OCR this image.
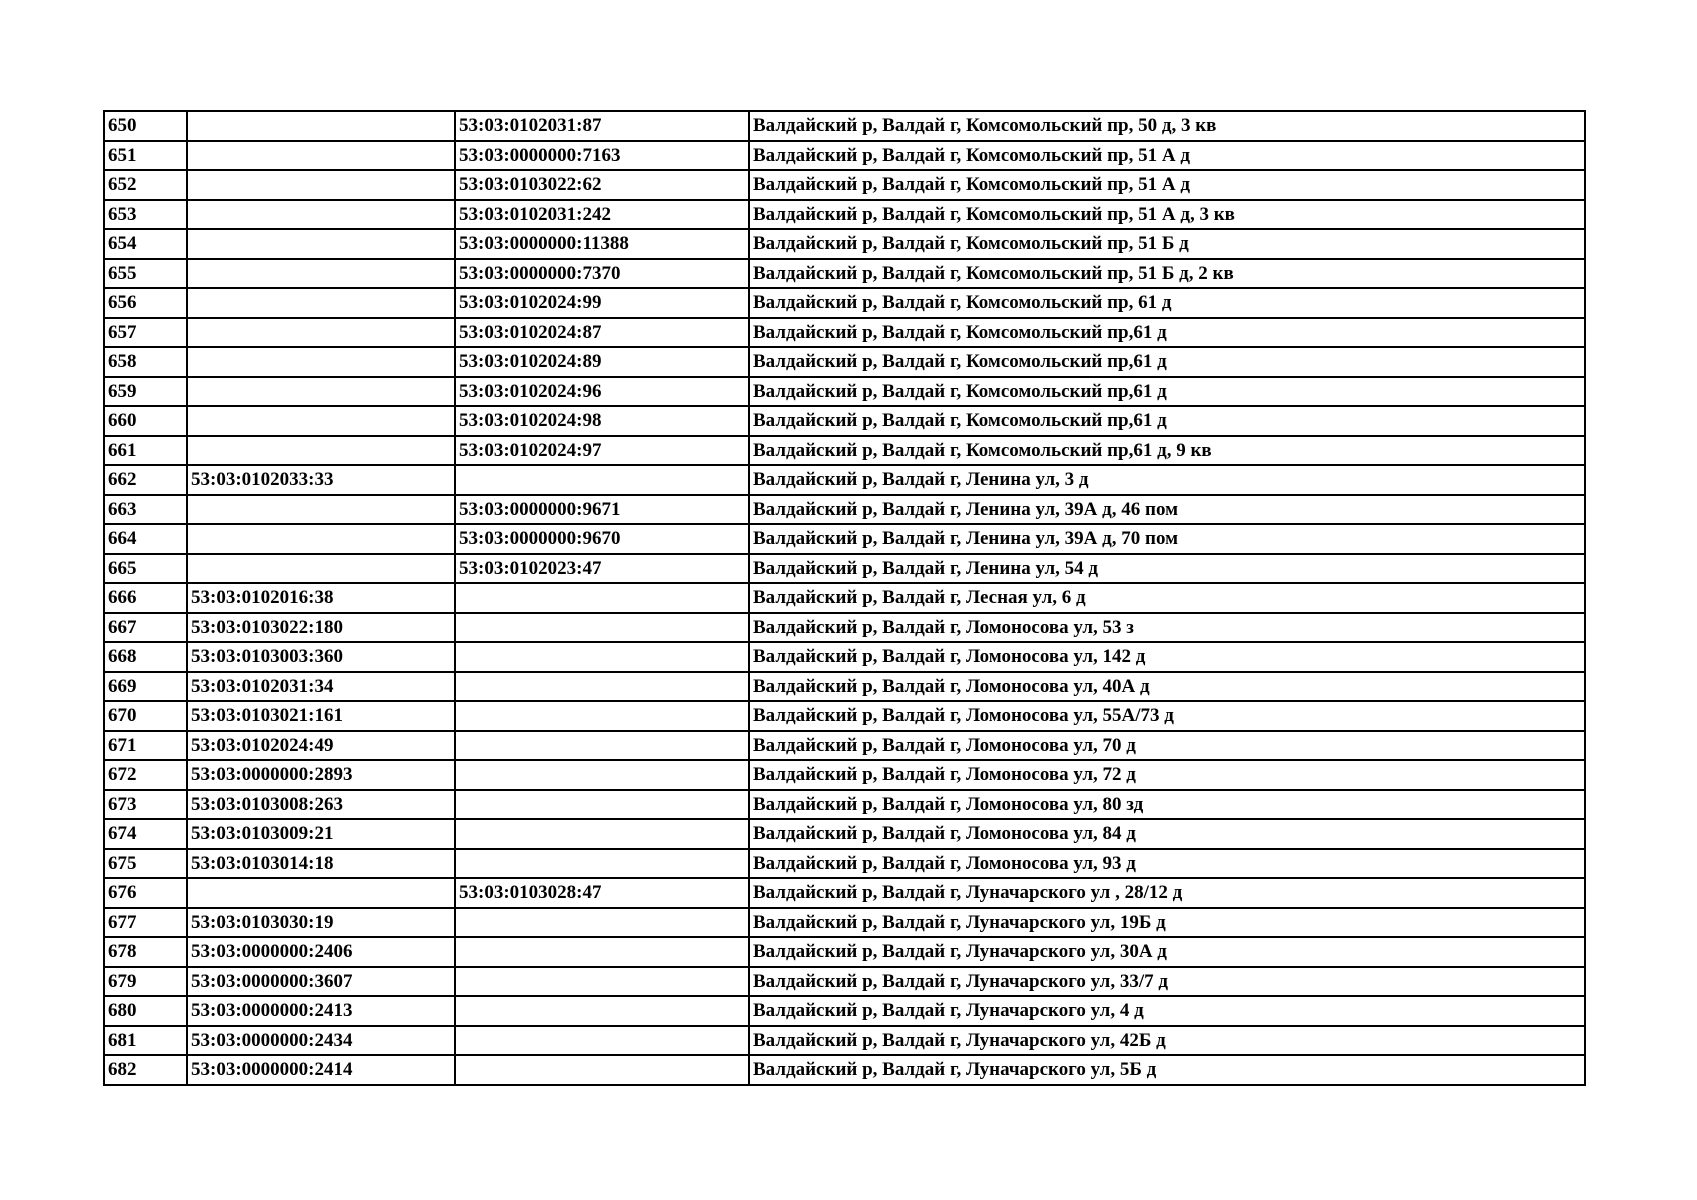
650		53:03:0102031:87	Валдайский р, Валдай г, Комсомольский пр, 50 д, 3 кв
651		53:03:0000000:7163	Валдайский р, Валдай г, Комсомольский пр, 51 А д
652		53:03:0103022:62	Валдайский р, Валдай г, Комсомольский пр, 51 А д
653		53:03:0102031:242	Валдайский р, Валдай г, Комсомольский пр, 51 А д, 3 кв
654		53:03:0000000:11388	Валдайский р, Валдай г, Комсомольский пр, 51 Б д
655		53:03:0000000:7370	Валдайский р, Валдай г, Комсомольский пр, 51 Б д, 2 кв
656		53:03:0102024:99	Валдайский р, Валдай г, Комсомольский пр, 61 д
657		53:03:0102024:87	Валдайский р, Валдай г, Комсомольский пр,61 д
658		53:03:0102024:89	Валдайский р, Валдай г, Комсомольский пр,61 д
659		53:03:0102024:96	Валдайский р, Валдай г, Комсомольский пр,61 д
660		53:03:0102024:98	Валдайский р, Валдай г, Комсомольский пр,61 д
661		53:03:0102024:97	Валдайский р, Валдай г, Комсомольский пр,61 д, 9 кв
662	53:03:0102033:33		Валдайский р, Валдай г, Ленина ул, 3 д
663		53:03:0000000:9671	Валдайский р, Валдай г, Ленина ул, 39А д, 46 пом
664		53:03:0000000:9670	Валдайский р, Валдай г, Ленина ул, 39А д, 70 пом
665		53:03:0102023:47	Валдайский р, Валдай г, Ленина ул, 54 д
666	53:03:0102016:38		Валдайский р, Валдай г, Лесная ул, 6 д
667	53:03:0103022:180		Валдайский р, Валдай г, Ломоносова ул, 53 з
668	53:03:0103003:360		Валдайский р, Валдай г, Ломоносова ул, 142 д
669	53:03:0102031:34		Валдайский р, Валдай г, Ломоносова ул, 40А д
670	53:03:0103021:161		Валдайский р, Валдай г, Ломоносова ул, 55А/73 д
671	53:03:0102024:49		Валдайский р, Валдай г, Ломоносова ул, 70 д
672	53:03:0000000:2893		Валдайский р, Валдай г, Ломоносова ул, 72 д
673	53:03:0103008:263		Валдайский р, Валдай г, Ломоносова ул, 80 зд
674	53:03:0103009:21		Валдайский р, Валдай г, Ломоносова ул, 84 д
675	53:03:0103014:18		Валдайский р, Валдай г, Ломоносова ул, 93 д
676		53:03:0103028:47	Валдайский р, Валдай г, Луначарского ул , 28/12 д
677	53:03:0103030:19		Валдайский р, Валдай г, Луначарского ул, 19Б д
678	53:03:0000000:2406		Валдайский р, Валдай г, Луначарского ул, 30А д
679	53:03:0000000:3607		Валдайский р, Валдай г, Луначарского ул, 33/7 д
680	53:03:0000000:2413		Валдайский р, Валдай г, Луначарского ул, 4 д
681	53:03:0000000:2434		Валдайский р, Валдай г, Луначарского ул, 42Б д
682	53:03:0000000:2414		Валдайский р, Валдай г, Луначарского ул, 5Б д
